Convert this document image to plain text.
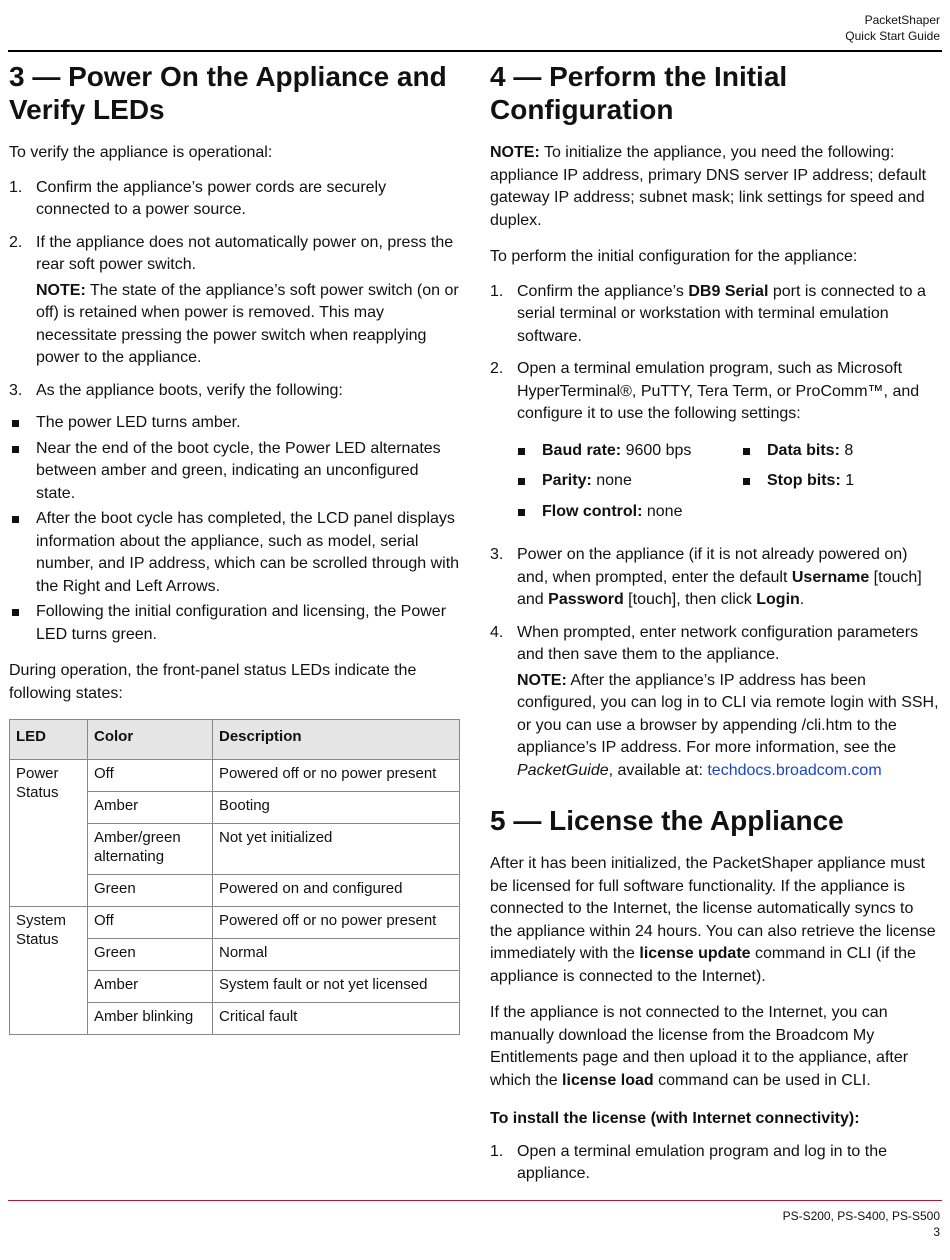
PacketShaper
Quick Start Guide
3 — Power On the Appliance and Verify LEDs

To verify the appliance is operational:

1. Confirm the appliance’s power cords are securely connected to a power source.
2. If the appliance does not automatically power on, press the rear soft power switch.
NOTE: The state of the appliance’s soft power switch (on or off) is retained when power is removed. This may necessitate pressing the power switch when reapplying power to the appliance.
3. As the appliance boots, verify the following:
The power LED turns amber.
Near the end of the boot cycle, the Power LED alternates between amber and green, indicating an unconfigured state.
After the boot cycle has completed, the LCD panel displays information about the appliance, such as model, serial number, and IP address, which can be scrolled through with the Right and Left Arrows.
Following the initial configuration and licensing, the Power LED turns green.

During operation, the front-panel status LEDs indicate the following states:

LED	Color	Description
Power Status	Off	Powered off or no power present
	Amber	Booting
	Amber/green alternating	Not yet initialized
	Green	Powered on and configured
System Status	Off	Powered off or no power present
	Green	Normal
	Amber	System fault or not yet licensed
	Amber blinking	Critical fault
4 — Perform the Initial Configuration

NOTE: To initialize the appliance, you need the following: appliance IP address, primary DNS server IP address; default gateway IP address; subnet mask; link settings for speed and duplex.

To perform the initial configuration for the appliance:

1. Confirm the appliance’s DB9 Serial port is connected to a serial terminal or workstation with terminal emulation software.
2. Open a terminal emulation program, such as Microsoft HyperTerminal®, PuTTY, Tera Term, or ProComm™, and configure it to use the following settings:
Baud rate: 9600 bps	Data bits: 8
Parity: none	Stop bits: 1
Flow control: none
3. Power on the appliance (if it is not already powered on) and, when prompted, enter the default Username [touch] and Password [touch], then click Login.
4. When prompted, enter network configuration parameters and then save them to the appliance.
NOTE: After the appliance’s IP address has been configured, you can log in to CLI via remote login with SSH, or you can use a browser by appending /cli.htm to the appliance’s IP address. For more information, see the PacketGuide, available at: techdocs.broadcom.com
5 — License the Appliance

After it has been initialized, the PacketShaper appliance must be licensed for full software functionality. If the appliance is connected to the Internet, the license automatically syncs to the appliance within 24 hours. You can also retrieve the license immediately with the license update command in CLI (if the appliance is connected to the Internet).

If the appliance is not connected to the Internet, you can manually download the license from the Broadcom My Entitlements page and then upload it to the appliance, after which the license load command can be used in CLI.

To install the license (with Internet connectivity):
1. Open a terminal emulation program and log in to the appliance.
PS-S200, PS-S400, PS-S500
3
